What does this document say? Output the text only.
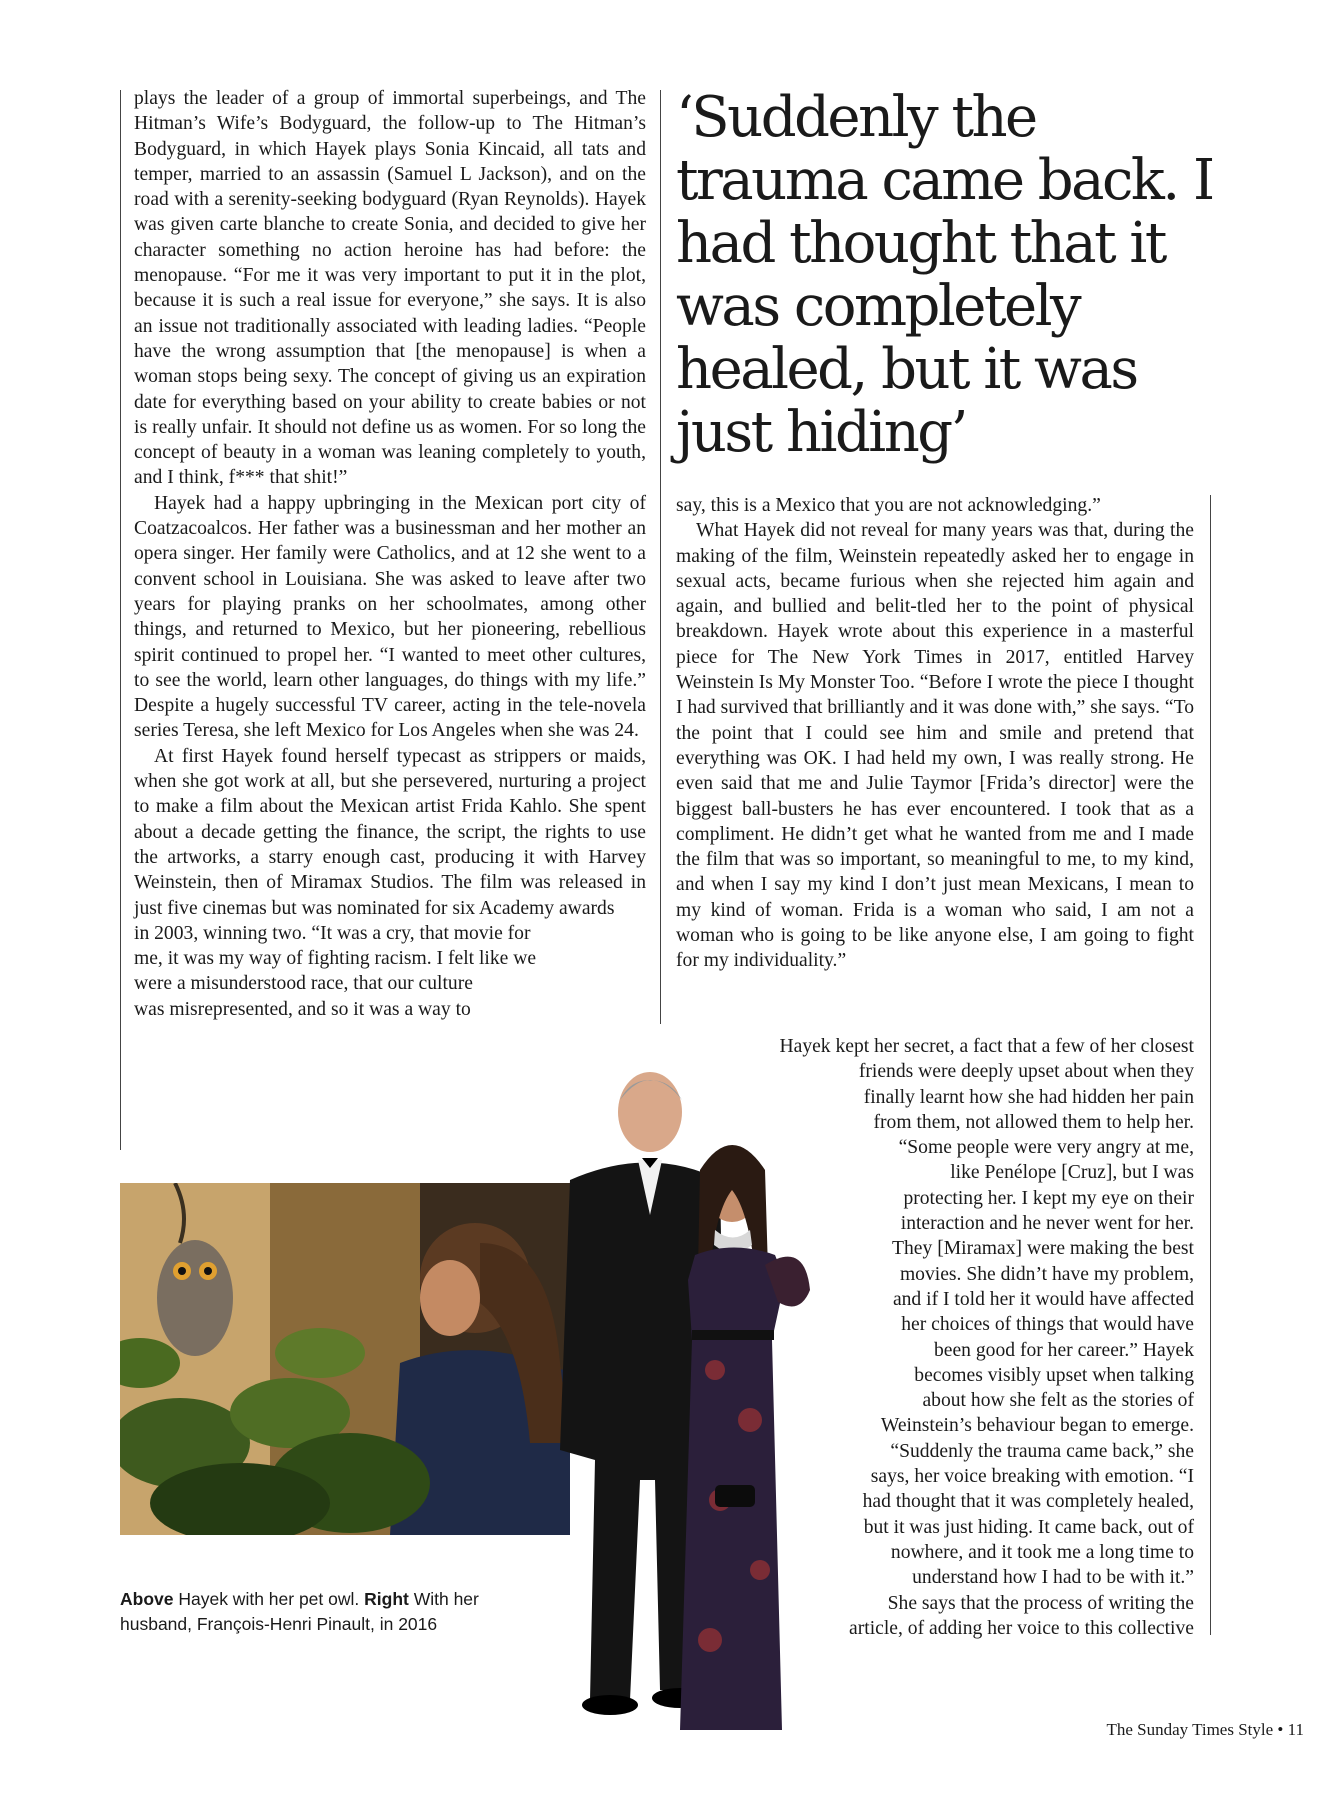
plays the leader of a group of immortal superbeings, and The Hitman’s Wife’s Bodyguard, the follow-up to The Hitman’s Bodyguard, in which Hayek plays Sonia Kincaid, all tats and temper, married to an assassin (Samuel L Jackson), and on the road with a serenity-seeking bodyguard (Ryan Reynolds). Hayek was given carte blanche to create Sonia, and decided to give her character something no action heroine has had before: the menopause. “For me it was very important to put it in the plot, because it is such a real issue for everyone,” she says. It is also an issue not traditionally associated with leading ladies. “People have the wrong assumption that [the menopause] is when a woman stops being sexy. The concept of giving us an expiration date for everything based on your ability to create babies or not is really unfair. It should not define us as women. For so long the concept of beauty in a woman was leaning completely to youth, and I think, f*** that shit!”

Hayek had a happy upbringing in the Mexican port city of Coatzacoalcos. Her father was a businessman and her mother an opera singer. Her family were Catholics, and at 12 she went to a convent school in Louisiana. She was asked to leave after two years for playing pranks on her schoolmates, among other things, and returned to Mexico, but her pioneering, rebellious spirit continued to propel her. “I wanted to meet other cultures, to see the world, learn other languages, do things with my life.” Despite a hugely successful TV career, acting in the tele-novela series Teresa, she left Mexico for Los Angeles when she was 24.

At first Hayek found herself typecast as strippers or maids, when she got work at all, but she persevered, nurturing a project to make a film about the Mexican artist Frida Kahlo. She spent about a decade getting the finance, the script, the rights to use the artworks, a starry enough cast, producing it with Harvey Weinstein, then of Miramax Studios. The film was released in just five cinemas but was nominated for six Academy awards

in 2003, winning two. “It was a cry, that movie for

me, it was my way of fighting racism. I felt like we

were a misunderstood race, that our culture

was misrepresented, and so it was a way to

‘Suddenly the trauma came back. I had thought that it was completely healed, but it was just hiding’

say, this is a Mexico that you are not acknowledging.”

What Hayek did not reveal for many years was that, during the making of the film, Weinstein repeatedly asked her to engage in sexual acts, became furious when she rejected him again and again, and bullied and belit-tled her to the point of physical breakdown. Hayek wrote about this experience in a masterful piece for The New York Times in 2017, entitled Harvey Weinstein Is My Monster Too. “Before I wrote the piece I thought I had survived that brilliantly and it was done with,” she says. “To the point that I could see him and smile and pretend that everything was OK. I had held my own, I was really strong. He even said that me and Julie Taymor [Frida’s director] were the biggest ball-busters he has ever encountered. I took that as a compliment. He didn’t get what he wanted from me and I made the film that was so important, so meaningful to me, to my kind, and when I say my kind I don’t just mean Mexicans, I mean to my kind of woman. Frida is a woman who said, I am not a woman who is going to be like anyone else, I am going to fight for my individuality.”

Hayek kept her secret, a fact that a few of her closest

friends were deeply upset about when they

finally learnt how she had hidden her pain

from them, not allowed them to help her.

“Some people were very angry at me,

like Penélope [Cruz], but I was

protecting her. I kept my eye on their

interaction and he never went for her.

They [Miramax] were making the best

movies. She didn’t have my problem,

and if I told her it would have affected

her choices of things that would have

been good for her career.” Hayek

becomes visibly upset when talking

about how she felt as the stories of

Weinstein’s behaviour began to emerge.

“Suddenly the trauma came back,” she

says, her voice breaking with emotion. “I

had thought that it was completely healed,

but it was just hiding. It came back, out of

nowhere, and it took me a long time to

understand how I had to be with it.”

She says that the process of writing the

article, of adding her voice to this collective

Above Hayek with her pet owl. Right With her husband, François-Henri Pinault, in 2016
The Sunday Times Style • 11
